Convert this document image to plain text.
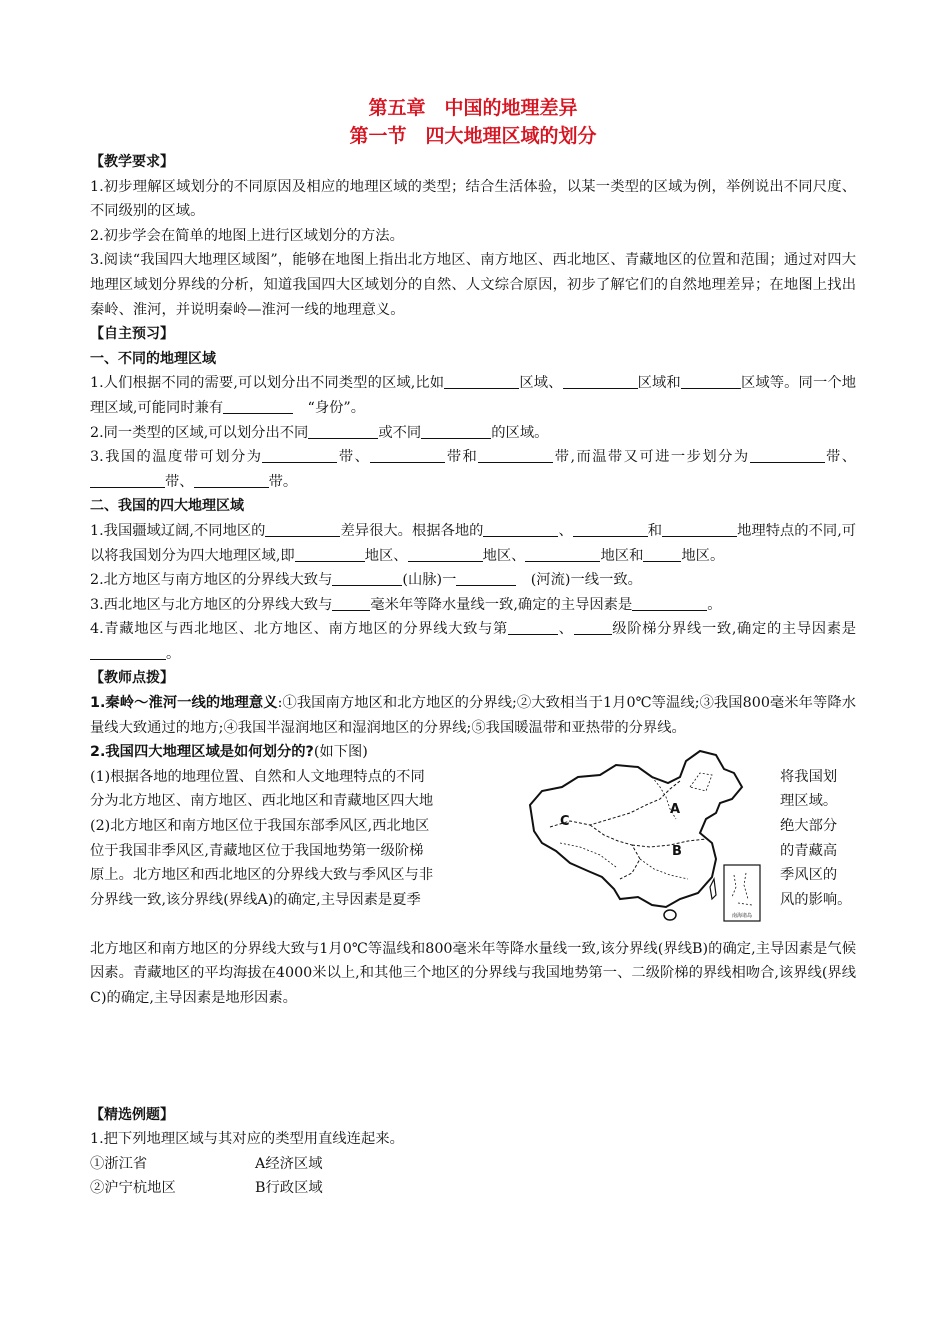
第五章　中国的地理差异
第一节　四大地理区域的划分

【教学要求】

1.初步理解区域划分的不同原因及相应的地理区域的类型；结合生活体验，以某一类型的区域为例，举例说出不同尺度、不同级别的区域。

2.初步学会在简单的地图上进行区域划分的方法。

3.阅读“我国四大地理区域图”，能够在地图上指出北方地区、南方地区、西北地区、青藏地区的位置和范围；通过对四大地理区域划分界线的分析，知道我国四大区域划分的自然、人文综合原因，初步了解它们的自然地理差异；在地图上找出秦岭、淮河，并说明秦岭—淮河一线的地理意义。

【自主预习】

一、不同的地理区域

1.人们根据不同的需要,可以划分出不同类型的区域,比如	区域、	区域和	区域等。同一个地理区域,可能同时兼有　	“身份”。

2.同一类型的区域,可以划分出不同	或不同	的区域。

3.我国的温度带可划分为	带、	带和	带,而温带又可进一步划分为	带、带、	带。

二、我国的四大地理区域

1.我国疆域辽阔,不同地区的	差异很大。根据各地的	、	和	地理特点的不同,可以将我国划分为四大地理区域,即	地区、	地区、	地区和	地区。

2.北方地区与南方地区的分界线大致与	(山脉)一　	(河流)一线一致。

3.西北地区与北方地区的分界线大致与	毫米年等降水量线一致,确定的主导因素是	。

4.青藏地区与西北地区、北方地区、南方地区的分界线大致与第	、	级阶梯分界线一致,确定的主导因素是。

【教师点拨】

1.秦岭～淮河一线的地理意义:①我国南方地区和北方地区的分界线;②大致相当于1月0℃等温线;③我国800毫米年等降水量线大致通过的地方;④我国半湿润地区和湿润地区的分界线;⑤我国暖温带和亚热带的分界线。

2.我国四大地理区域是如何划分的?(如下图)

(1)根据各地的地理位置、自然和人文地理特点的不同

分为北方地区、南方地区、西北地区和青藏地区四大地

(2)北方地区和南方地区位于我国东部季风区,西北地区

位于我国非季风区,青藏地区位于我国地势第一级阶梯

原上。北方地区和西北地区的分界线大致与季风区与非

分界线一致,该分界线(界线A)的确定,主导因素是夏季

南海诸岛
A
B
C

将我国划

理区域。

绝大部分

的青藏高

季风区的

风的影响。

北方地区和南方地区的分界线大致与1月0℃等温线和800毫米年等降水量线一致,该分界线(界线B)的确定,主导因素是气候因素。青藏地区的平均海拔在4000米以上,和其他三个地区的分界线与我国地势第一、二级阶梯的界线相吻合,该界线(界线C)的确定,主导因素是地形因素。

【精选例题】

1.把下列地理区域与其对应的类型用直线连起来。

①浙江省	A经济区域

②沪宁杭地区	B行政区域
